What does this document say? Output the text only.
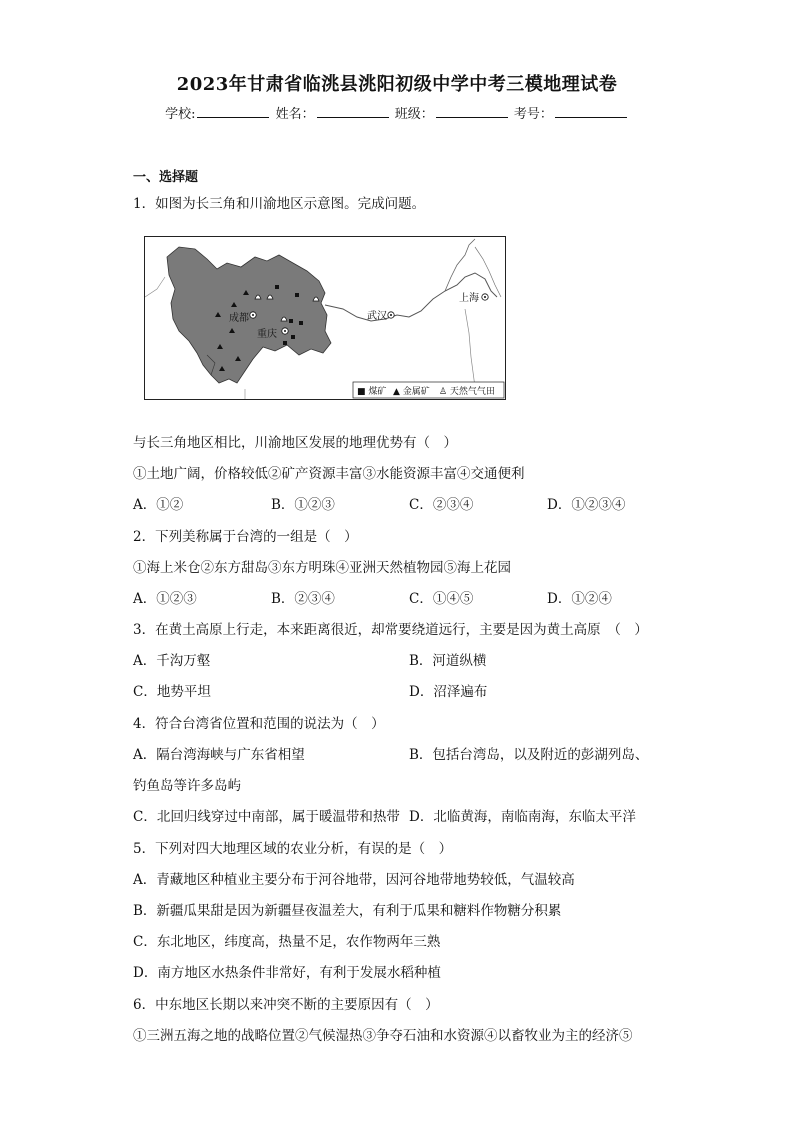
2023年甘肃省临洮县洮阳初级中学中考三模地理试卷
学校:	姓名：	班级：	考号：
一、选择题
1．如图为长三角和川渝地区示意图。完成问题。
成都
重庆
武汉
上海
■ 煤矿 ▲ 金属矿 ♙ 天然气气田
与长三角地区相比，川渝地区发展的地理优势有（　）
①土地广阔，价格较低②矿产资源丰富③水能资源丰富④交通便利
A．①②	B．①②③	C．②③④	D．①②③④
2．下列美称属于台湾的一组是（　）
①海上米仓②东方甜岛③东方明珠④亚洲天然植物园⑤海上花园
A．①②③	B．②③④	C．①④⑤	D．①②④
3．在黄土高原上行走，本来距离很近，却常要绕道远行，主要是因为黄土高原　（　）
A．千沟万壑	B．河道纵横
C．地势平坦	D．沼泽遍布
4．符合台湾省位置和范围的说法为（　）
A．隔台湾海峡与广东省相望	B．包括台湾岛，以及附近的彭湖列岛、
钓鱼岛等许多岛屿
C．北回归线穿过中南部，属于暖温带和热带 D．北临黄海，南临南海，东临太平洋
5．下列对四大地理区域的农业分析，有误的是（　）
A．青藏地区种植业主要分布于河谷地带，因河谷地带地势较低，气温较高
B．新疆瓜果甜是因为新疆昼夜温差大，有利于瓜果和糖料作物糖分积累
C．东北地区，纬度高，热量不足，农作物两年三熟
D．南方地区水热条件非常好，有利于发展水稻种植
6．中东地区长期以来冲突不断的主要原因有（　）
①三洲五海之地的战略位置②气候湿热③争夺石油和水资源④以畜牧业为主的经济⑤
